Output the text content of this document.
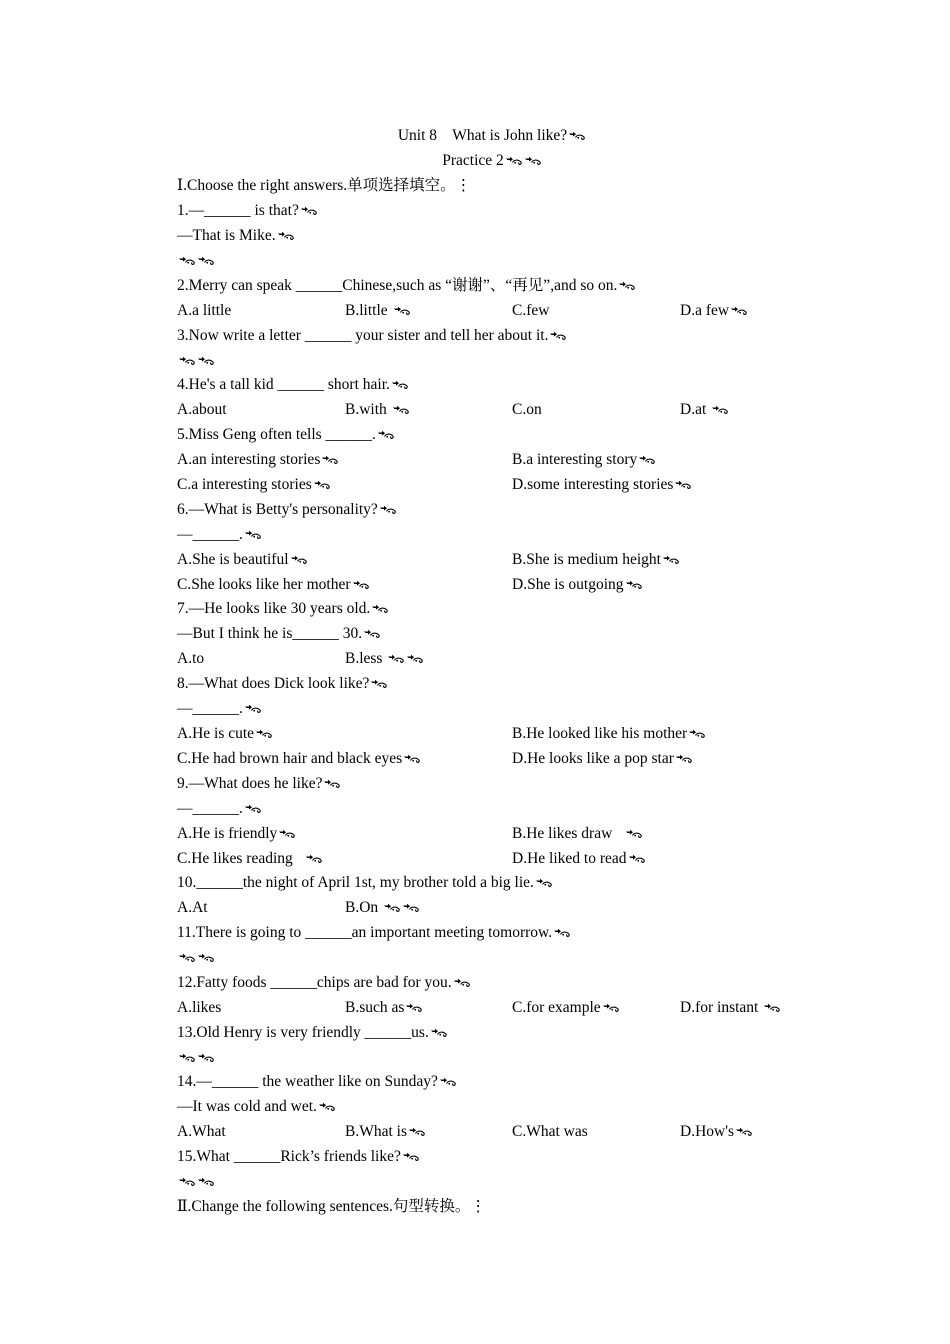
Unit 8    What is John like?
Practice 2
Ⅰ.Choose the right answers.单项选择填空。⋮
1.—______ is that?
—That is Mike.
2.Merry can speak ______Chinese,such as “谢谢”、“再见”,and so on.
A.a little	B.little	C.few	D.a few
3.Now write a letter ______ your sister and tell her about it.
4.He's a tall kid ______ short hair.
A.about	B.with	C.on	D.at
5.Miss Geng often tells ______.
A.an interesting stories	B.a interesting story
C.a interesting stories	D.some interesting stories
6.—What is Betty's personality?
—______.
A.She is beautiful	B.She is medium height
C.She looks like her mother	D.She is outgoing
7.—He looks like 30 years old.
—But I think he is______ 30.
A.to	B.less
8.—What does Dick look like?
—______.
A.He is cute	B.He looked like his mother
C.He had brown hair and black eyes	D.He looks like a pop star
9.—What does he like?
—______.
A.He is friendly	B.He likes draw
C.He likes reading	D.He liked to read
10.______the night of April 1st, my brother told a big lie.
A.At	B.On
11.There is going to ______an important meeting tomorrow.
12.Fatty foods ______chips are bad for you.
A.likes	B.such as	C.for example	D.for instant
13.Old Henry is very friendly ______us.
14.—______ the weather like on Sunday?
—It was cold and wet.
A.What	B.What is	C.What was	D.How's
15.What ______Rick’s friends like?
Ⅱ.Change the following sentences.句型转换。⋮
